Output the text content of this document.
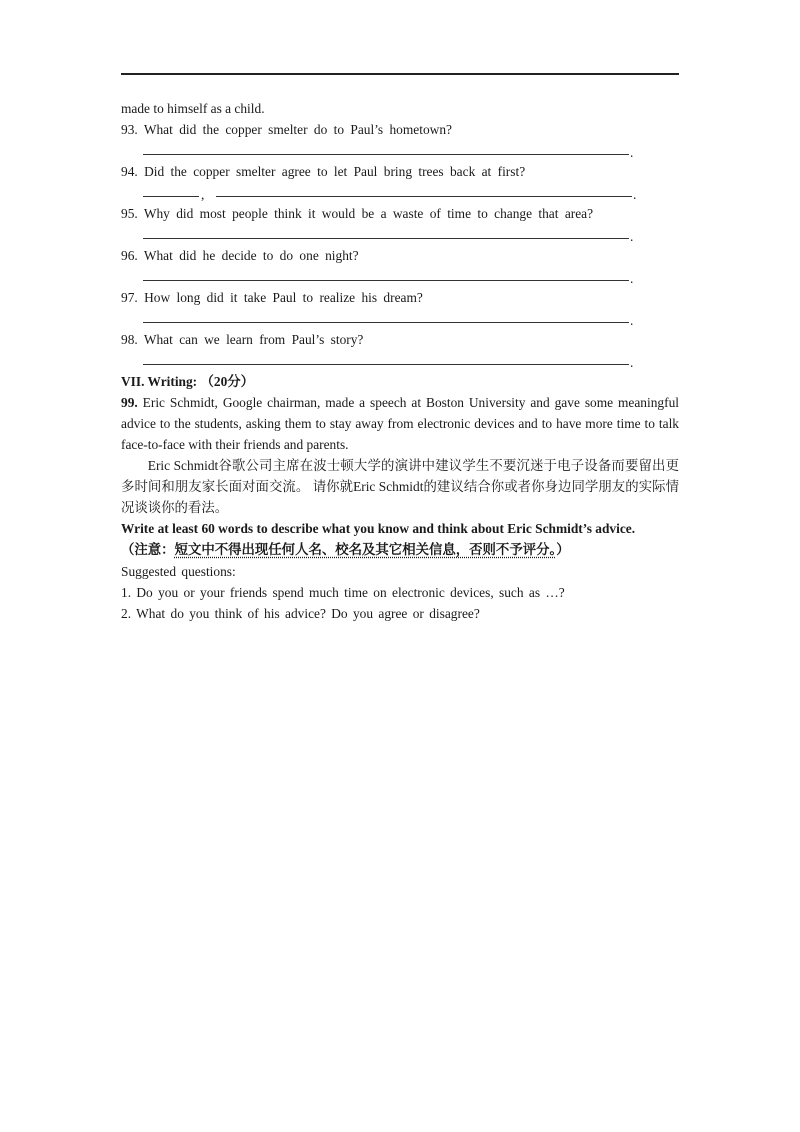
made to himself as a child.
93. What did the copper smelter do to Paul’s hometown?
.
94. Did the copper smelter agree to let Paul bring trees back at first?
,	.
95. Why did most people think it would be a waste of time to change that area?
.
96. What did he decide to do one night?
.
97. How long did it take Paul to realize his dream?
.
98. What can we learn from Paul’s story?
.
VII. Writing: （20分）
99. Eric Schmidt, Google chairman, made a speech at Boston University and gave some meaningful advice to the students, asking them to stay away from electronic devices and to have more time to talk face-to-face with their friends and parents.
Eric Schmidt谷歌公司主席在波士顿大学的演讲中建议学生不要沉迷于电子设备而要留出更多时间和朋友家长面对面交流。 请你就Eric Schmidt的建议结合你或者你身边同学朋友的实际情况谈谈你的看法。
Write at least 60 words to describe what you know and think about Eric Schmidt’s advice.
（注意：短文中不得出现任何人名、校名及其它相关信息，否则不予评分。）
Suggested questions:
1. Do you or your friends spend much time on electronic devices, such as …?
2. What do you think of his advice? Do you agree or disagree?
